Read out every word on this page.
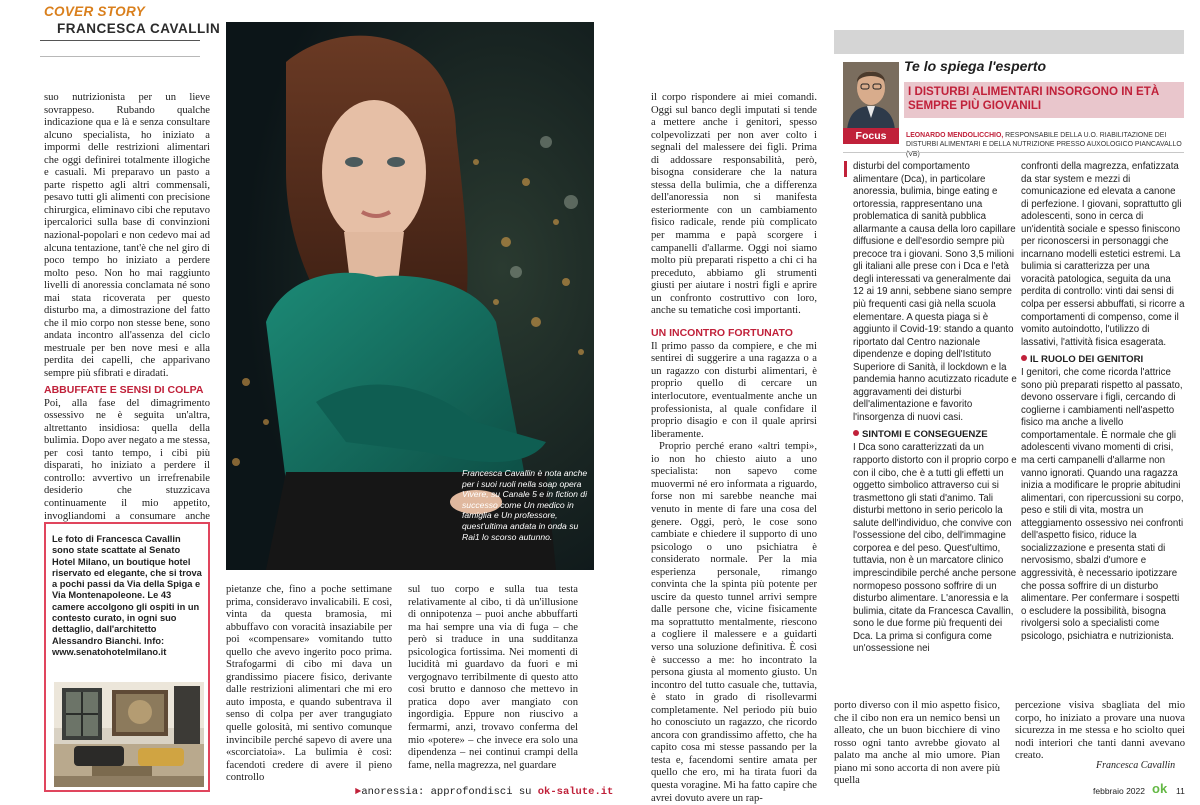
COVER STORY
FRANCESCA CAVALLIN

suo nutrizionista per un lieve sovrappeso. Rubando qualche indicazione qua e là e senza consultare alcuno specialista, ho iniziato a impormi delle restrizioni alimentari che oggi definirei totalmente illogiche e casuali. Mi preparavo un pasto a parte rispetto agli altri commensali, pesavo tutti gli alimenti con precisione chirurgica, eliminavo cibi che reputavo ipercalorici sulla base di convinzioni nazional-popolari e non cedevo mai ad alcuna tentazione, tant'è che nel giro di poco tempo ho iniziato a perdere molto peso. Non ho mai raggiunto livelli di anoressia conclamata né sono mai stata ricoverata per questo disturbo ma, a dimostrazione del fatto che il mio corpo non stesse bene, sono andata incontro all'assenza del ciclo mestruale per ben nove mesi e alla perdita dei capelli, che apparivano sempre più sfibrati e diradati.

ABBUFFATE E SENSI DI COLPA

Poi, alla fase del dimagrimento ossessivo ne è seguita un'altra, altrettanto insidiosa: quella della bulimia. Dopo aver negato a me stessa, per così tanto tempo, i cibi più disparati, ho iniziato a perdere il controllo: avvertivo un irrefrenabile desiderio che stuzzicava continuamente il mio appetito, invogliandomi a consumare anche

Le foto di Francesca Cavallin sono state scattate al Senato Hotel Milano, un boutique hotel riservato ed elegante, che si trova a pochi passi da Via della Spiga e Via Montenapoleone. Le 43 camere accolgono gli ospiti in un contesto curato, in ogni suo dettaglio, dall'architetto Alessandro Bianchi. Info: www.senatohotelmilano.it
Francesca Cavallin è nota anche per i suoi ruoli nella soap opera Vivere, su Canale 5 e in fiction di successo come Un medico in famiglia e Un professore, quest'ultima andata in onda su Rai1 lo scorso autunno.

pietanze che, fino a poche settimane prima, consideravo invalicabili. E così, vinta da questa bramosia, mi abbuffavo con voracità insaziabile per poi «compensare» vomitando tutto quello che avevo ingerito poco prima. Strafogarmi di cibo mi dava un grandissimo piacere fisico, derivante dalle restrizioni alimentari che mi ero auto imposta, e quando subentrava il senso di colpa per aver trangugiato quelle golosità, mi sentivo comunque invincibile perché sapevo di avere una «scorciatoia». La bulimia è così: facendoti credere di avere il pieno controllo

sul tuo corpo e sulla tua testa relativamente al cibo, ti dà un'illusione di onnipotenza – puoi anche abbuffarti ma hai sempre una via di fuga – che però si traduce in una sudditanza psicologica fortissima. Nei momenti di lucidità mi guardavo da fuori e mi vergognavo terribilmente di questo atto così brutto e dannoso che mettevo in pratica dopo aver mangiato con ingordigia. Eppure non riuscivo a fermarmi, anzi, trovavo conferma del mio «potere» – che invece era solo una dipendenza – nei continui crampi della fame, nella magrezza, nel guardare

il corpo rispondere ai miei comandi. Oggi sul banco degli imputati si tende a mettere anche i genitori, spesso colpevolizzati per non aver colto i segnali del malessere dei figli. Prima di addossare responsabilità, però, bisogna considerare che la natura stessa della bulimia, che a differenza dell'anoressia non si manifesta esteriormente con un cambiamento fisico radicale, rende più complicato per mamma e papà scorgere i campanelli d'allarme. Oggi noi siamo molto più preparati rispetto a chi ci ha preceduto, abbiamo gli strumenti giusti per aiutare i nostri figli e aprire un confronto costruttivo con loro, anche su tematiche così importanti.

UN INCONTRO FORTUNATO

Il primo passo da compiere, e che mi sentirei di suggerire a una ragazza o a un ragazzo con disturbi alimentari, è proprio quello di cercare un interlocutore, eventualmente anche un professionista, al quale confidare il proprio disagio e con il quale aprirsi liberamente.

Proprio perché erano «altri tempi», io non ho chiesto aiuto a uno specialista: non sapevo come muovermi né ero informata a riguardo, forse non mi sarebbe neanche mai venuto in mente di fare una cosa del genere. Oggi, però, le cose sono cambiate e chiedere il supporto di uno psicologo o uno psichiatra è considerato normale. Per la mia esperienza personale, rimango convinta che la spinta più potente per uscire da questo tunnel arrivi sempre dalle persone che, vicine fisicamente ma soprattutto mentalmente, riescono a cogliere il malessere e a guidarti verso una soluzione definitiva. È così è successo a me: ho incontrato la persona giusta al momento giusto. Un incontro del tutto casuale che, tuttavia, è stato in grado di risollevarmi completamente. Nel periodo più buio ho conosciuto un ragazzo, che ricordo ancora con grandissimo affetto, che ha capito cosa mi stesse passando per la testa e, facendomi sentire amata per quello che ero, mi ha tirata fuori da questa voragine. Mi ha fatto capire che avrei dovuto avere un rap-

porto diverso con il mio aspetto fisico, che il cibo non era un nemico bensì un alleato, che un buon bicchiere di vino rosso ogni tanto avrebbe giovato al palato ma anche al mio umore. Pian piano mi sono accorta di non avere più quella

percezione visiva sbagliata del mio corpo, ho iniziato a provare una nuova sicurezza in me stessa e ho sciolto quei nodi interiori che tanti danni avevano creato.

Francesca Cavallin
Te lo spiega l'esperto
Focus
I DISTURBI ALIMENTARI INSORGONO IN ETÀ SEMPRE PIÙ GIOVANILI
LEONARDO MENDOLICCHIO, RESPONSABILE DELLA U.O. RIABILITAZIONE DEI DISTURBI ALIMENTARI E DELLA NUTRIZIONE PRESSO AUXOLOGICO PIANCAVALLO (VB)

disturbi del comportamento alimentare (Dca), in particolare anoressia, bulimia, binge eating e ortoressia, rappresentano una problematica di sanità pubblica allarmante a causa della loro capillare diffusione e dell'esordio sempre più precoce tra i giovani. Sono 3,5 milioni gli italiani alle prese con i Dca e l'età degli interessati va generalmente dai 12 ai 19 anni, sebbene siano sempre più frequenti casi già nella scuola elementare. A questa piaga si è aggiunto il Covid-19: stando a quanto riportato dal Centro nazionale dipendenze e doping dell'Istituto Superiore di Sanità, il lockdown e la pandemia hanno acutizzato ricadute e aggravamenti dei disturbi dell'alimentazione e favorito l'insorgenza di nuovi casi.

SINTOMI E CONSEGUENZE

I Dca sono caratterizzati da un rapporto distorto con il proprio corpo e con il cibo, che è a tutti gli effetti un oggetto simbolico attraverso cui si trasmettono gli stati d'animo. Tali disturbi mettono in serio pericolo la salute dell'individuo, che convive con l'ossessione del cibo, dell'immagine corporea e del peso. Quest'ultimo, tuttavia, non è un marcatore clinico imprescindibile perché anche persone normopeso possono soffrire di un disturbo alimentare. L'anoressia e la bulimia, citate da Francesca Cavallin, sono le due forme più frequenti dei Dca. La prima si configura come un'ossessione nei

confronti della magrezza, enfatizzata da star system e mezzi di comunicazione ed elevata a canone di perfezione. I giovani, soprattutto gli adolescenti, sono in cerca di un'identità sociale e spesso finiscono per riconoscersi in personaggi che incarnano modelli estetici estremi. La bulimia si caratterizza per una voracità patologica, seguita da una perdita di controllo: vinti dai sensi di colpa per essersi abbuffati, si ricorre a comportamenti di compenso, come il vomito autoindotto, l'utilizzo di lassativi, l'attività fisica esagerata.

IL RUOLO DEI GENITORI

I genitori, che come ricorda l'attrice sono più preparati rispetto al passato, devono osservare i figli, cercando di coglierne i cambiamenti nell'aspetto fisico ma anche a livello comportamentale. È normale che gli adolescenti vivano momenti di crisi, ma certi campanelli d'allarme non vanno ignorati. Quando una ragazza inizia a modificare le proprie abitudini alimentari, con ripercussioni su corpo, peso e stili di vita, mostra un atteggiamento ossessivo nei confronti dell'aspetto fisico, riduce la socializzazione e presenta stati di nervosismo, sbalzi d'umore e aggressività, è necessario ipotizzare che possa soffrire di un disturbo alimentare. Per confermare i sospetti o escludere la possibilità, bisogna rivolgersi solo a specialisti come psicologo, psichiatra e nutrizionista.

►anoressia: approfondisci su ok-salute.it	febbraio 2022 ok 11
